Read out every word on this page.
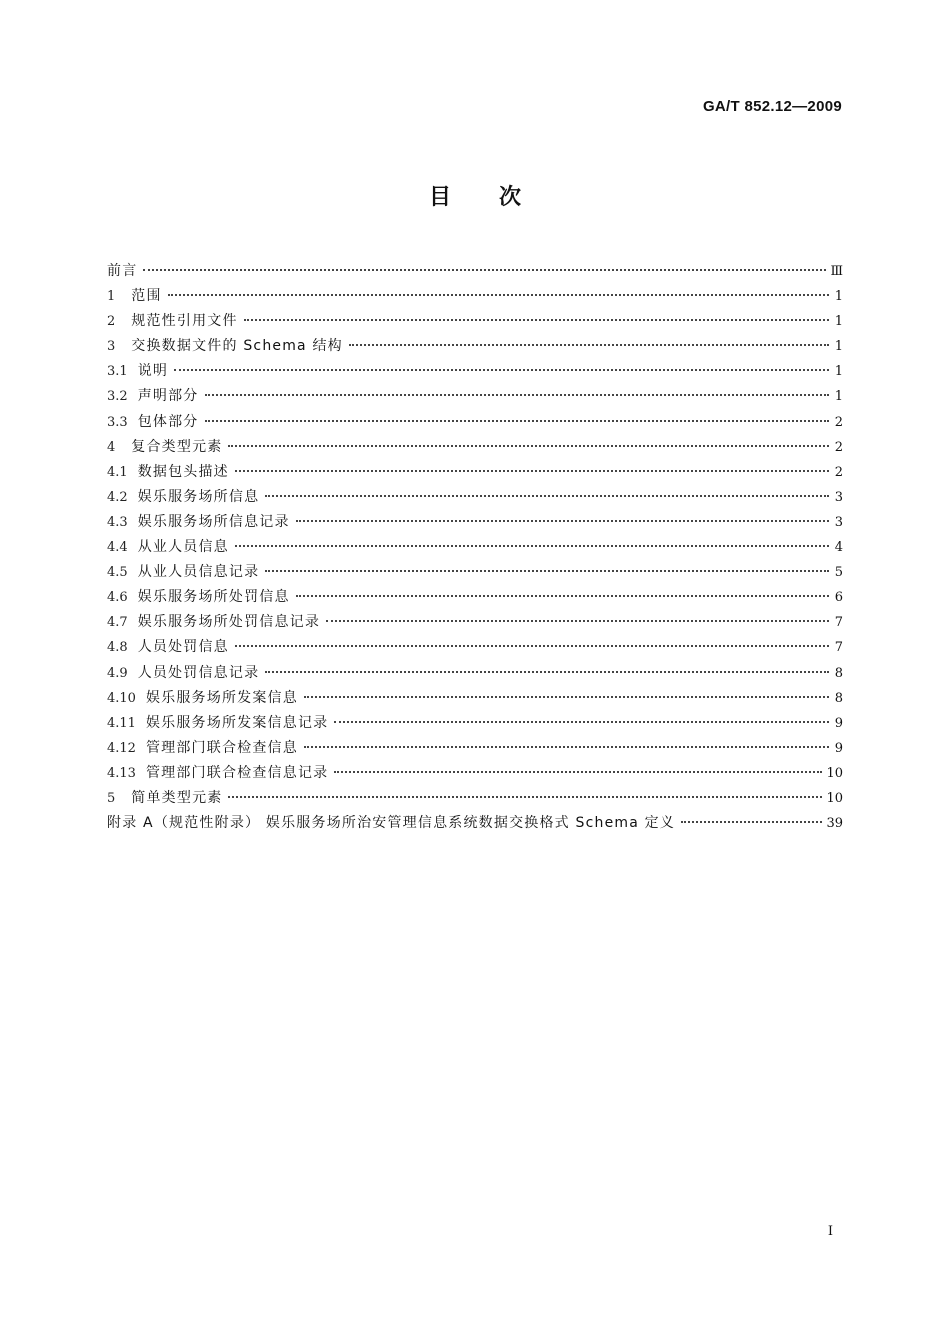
GA/T 852.12—2009
目次
前言	Ⅲ
1 范围	1
2 规范性引用文件	1
3 交换数据文件的 Schema 结构	1
3.1 说明	1
3.2 声明部分	1
3.3 包体部分	2
4 复合类型元素	2
4.1 数据包头描述	2
4.2 娱乐服务场所信息	3
4.3 娱乐服务场所信息记录	3
4.4 从业人员信息	4
4.5 从业人员信息记录	5
4.6 娱乐服务场所处罚信息	6
4.7 娱乐服务场所处罚信息记录	7
4.8 人员处罚信息	7
4.9 人员处罚信息记录	8
4.10 娱乐服务场所发案信息	8
4.11 娱乐服务场所发案信息记录	9
4.12 管理部门联合检查信息	9
4.13 管理部门联合检查信息记录	10
5 简单类型元素	10
附录 A（规范性附录） 娱乐服务场所治安管理信息系统数据交换格式 Schema 定义	39
I
